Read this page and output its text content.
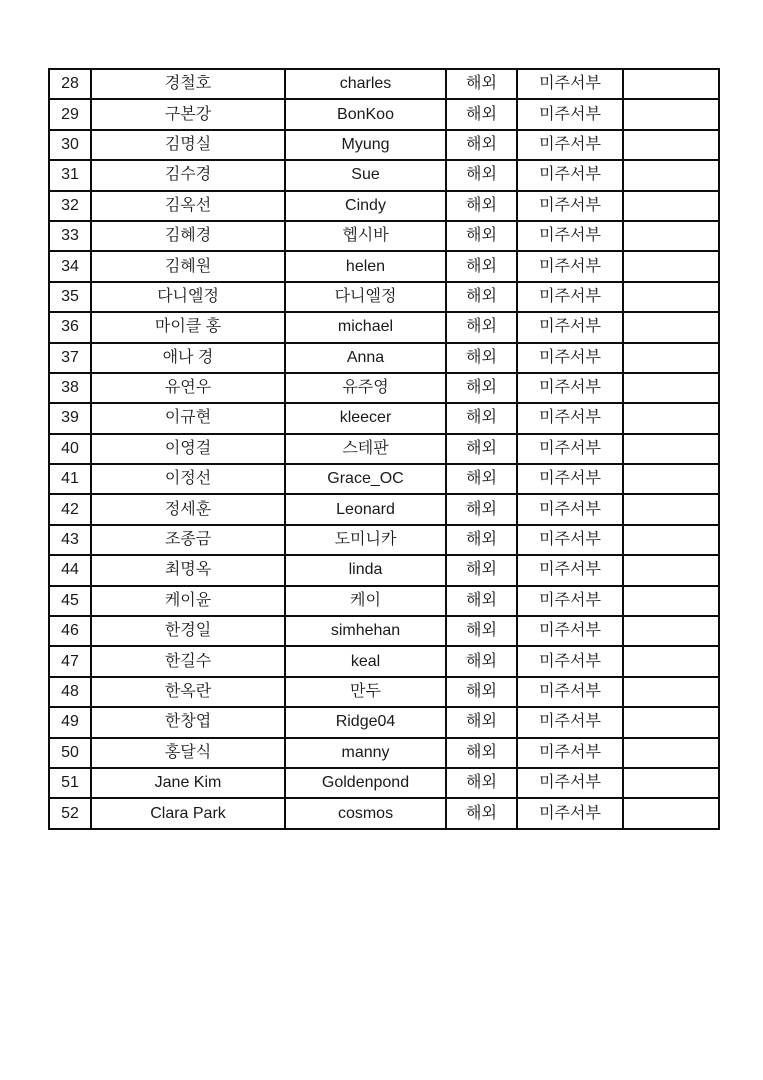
28	경철호	charles	해외	미주서부	
29	구본강	BonKoo	해외	미주서부	
30	김명실	Myung	해외	미주서부	
31	김수경	Sue	해외	미주서부	
32	김옥선	Cindy	해외	미주서부	
33	김혜경	헵시바	해외	미주서부	
34	김혜원	helen	해외	미주서부	
35	다니엘정	다니엘정	해외	미주서부	
36	마이클 홍	michael	해외	미주서부	
37	애나 경	Anna	해외	미주서부	
38	유연우	유주영	해외	미주서부	
39	이규현	kleecer	해외	미주서부	
40	이영걸	스테판	해외	미주서부	
41	이정선	Grace_OC	해외	미주서부	
42	정세훈	Leonard	해외	미주서부	
43	조종금	도미니카	해외	미주서부	
44	최명옥	linda	해외	미주서부	
45	케이윤	케이	해외	미주서부	
46	한경일	simhehan	해외	미주서부	
47	한길수	keal	해외	미주서부	
48	한옥란	만두	해외	미주서부	
49	한창엽	Ridge04	해외	미주서부	
50	홍달식	manny	해외	미주서부	
51	Jane Kim	Goldenpond	해외	미주서부	
52	Clara Park	cosmos	해외	미주서부	
